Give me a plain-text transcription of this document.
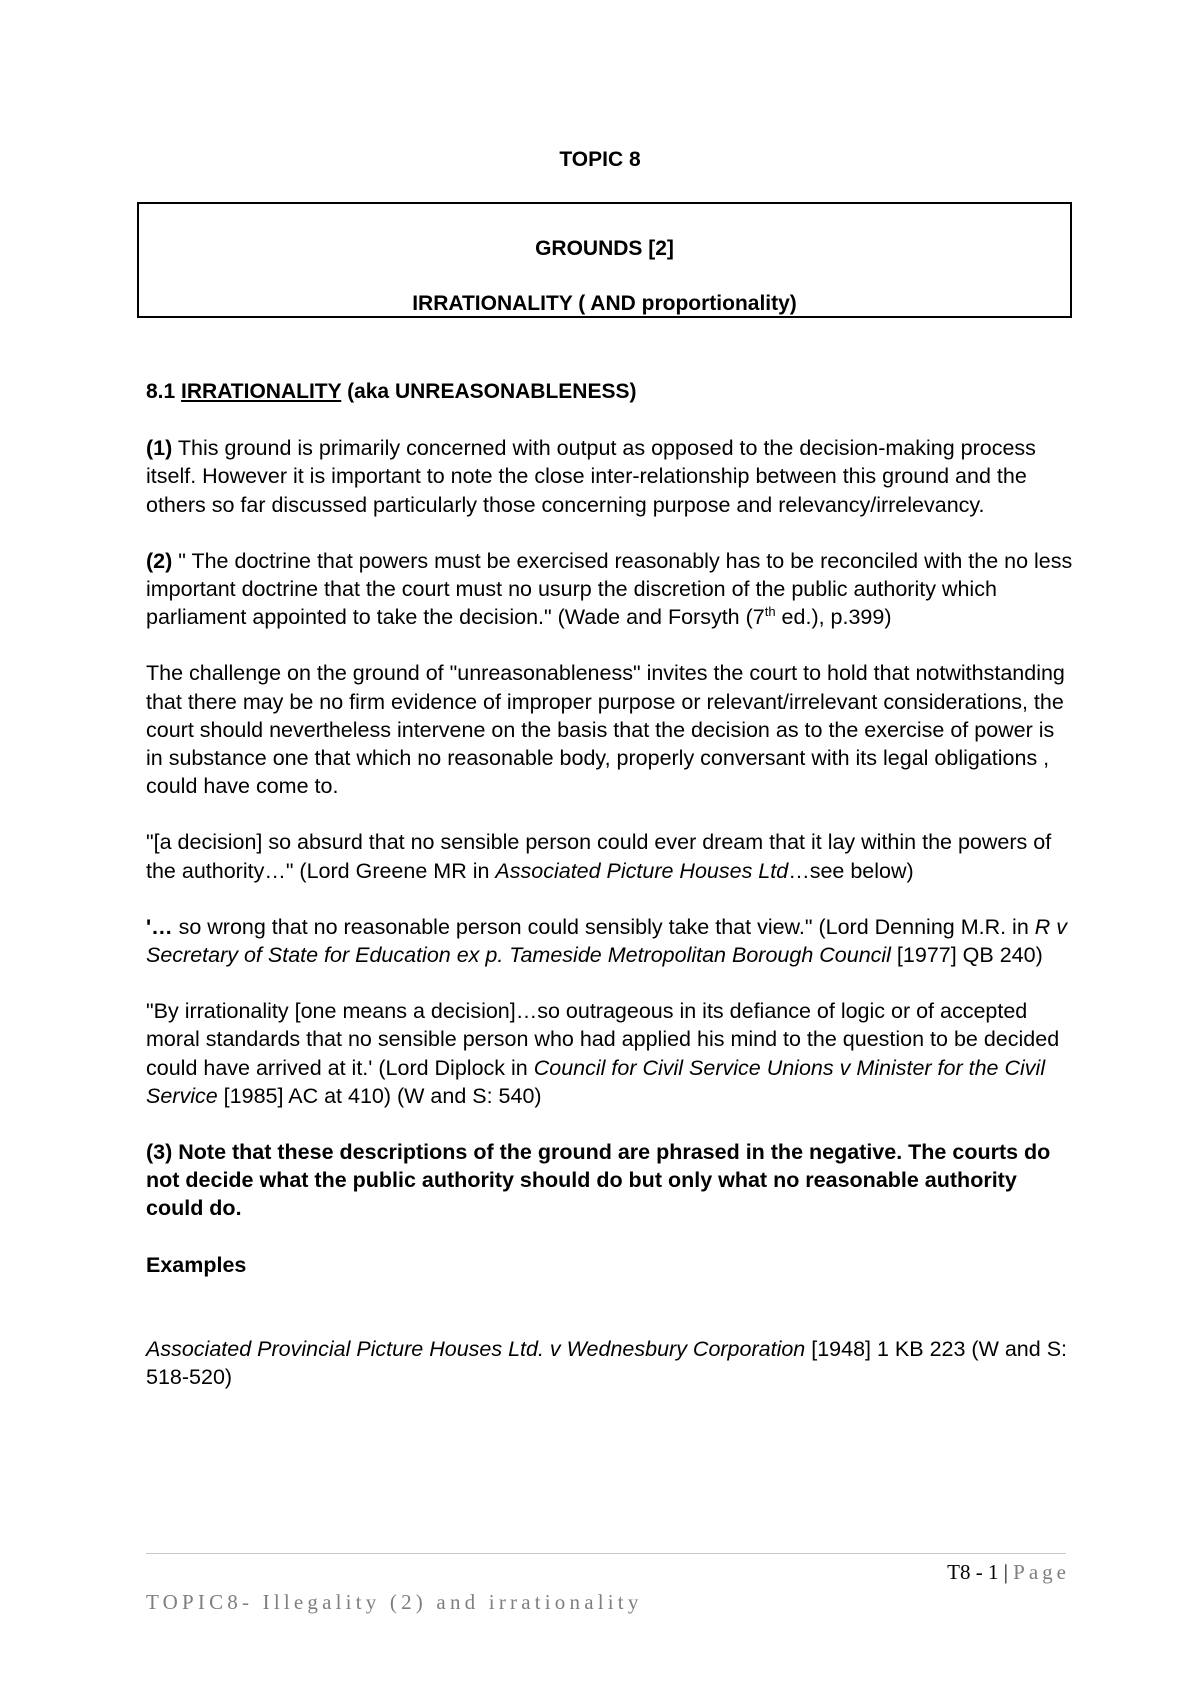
TOPIC 8
GROUNDS [2]
IRRATIONALITY ( AND proportionality)

8.1 IRRATIONALITY (aka UNREASONABLENESS)

(1) This ground is primarily concerned with output as opposed to the decision-making process itself. However it is important to note the close inter-relationship between this ground and the others so far discussed particularly those concerning purpose and relevancy/irrelevancy.

(2) " The doctrine that powers must be exercised reasonably has to be reconciled with the no less important doctrine that the court must no usurp the discretion of the public authority which parliament appointed to take the decision." (Wade and Forsyth (7th ed.), p.399)

The challenge on the ground of "unreasonableness" invites the court to hold that notwithstanding that there may be no firm evidence of improper purpose or relevant/irrelevant considerations, the court should nevertheless intervene on the basis that the decision as to the exercise of power is in substance one that which no reasonable body, properly conversant with its legal obligations , could have come to.

"[a decision] so absurd that no sensible person could ever dream that it lay within the powers of the authority…" (Lord Greene MR in Associated Picture Houses Ltd…see below)

'… so wrong that no reasonable person could sensibly take that view." (Lord Denning M.R. in R v Secretary of State for Education ex p. Tameside Metropolitan Borough Council [1977] QB 240)

"By irrationality [one means a decision]…so outrageous in its defiance of logic or of accepted moral standards that no sensible person who had applied his mind to the question to be decided could have arrived at it.' (Lord Diplock in Council for Civil Service Unions v Minister for the Civil Service [1985] AC at 410) (W and S: 540)

(3) Note that these descriptions of the ground are phrased in the negative. The courts do not decide what the public authority should do but only what no reasonable authority could do.

Examples

Associated Provincial Picture Houses Ltd. v Wednesbury Corporation [1948] 1 KB 223 (W and S: 518-520)

T8 - 1 | Page
TOPIC8- Illegality (2) and irrationality
